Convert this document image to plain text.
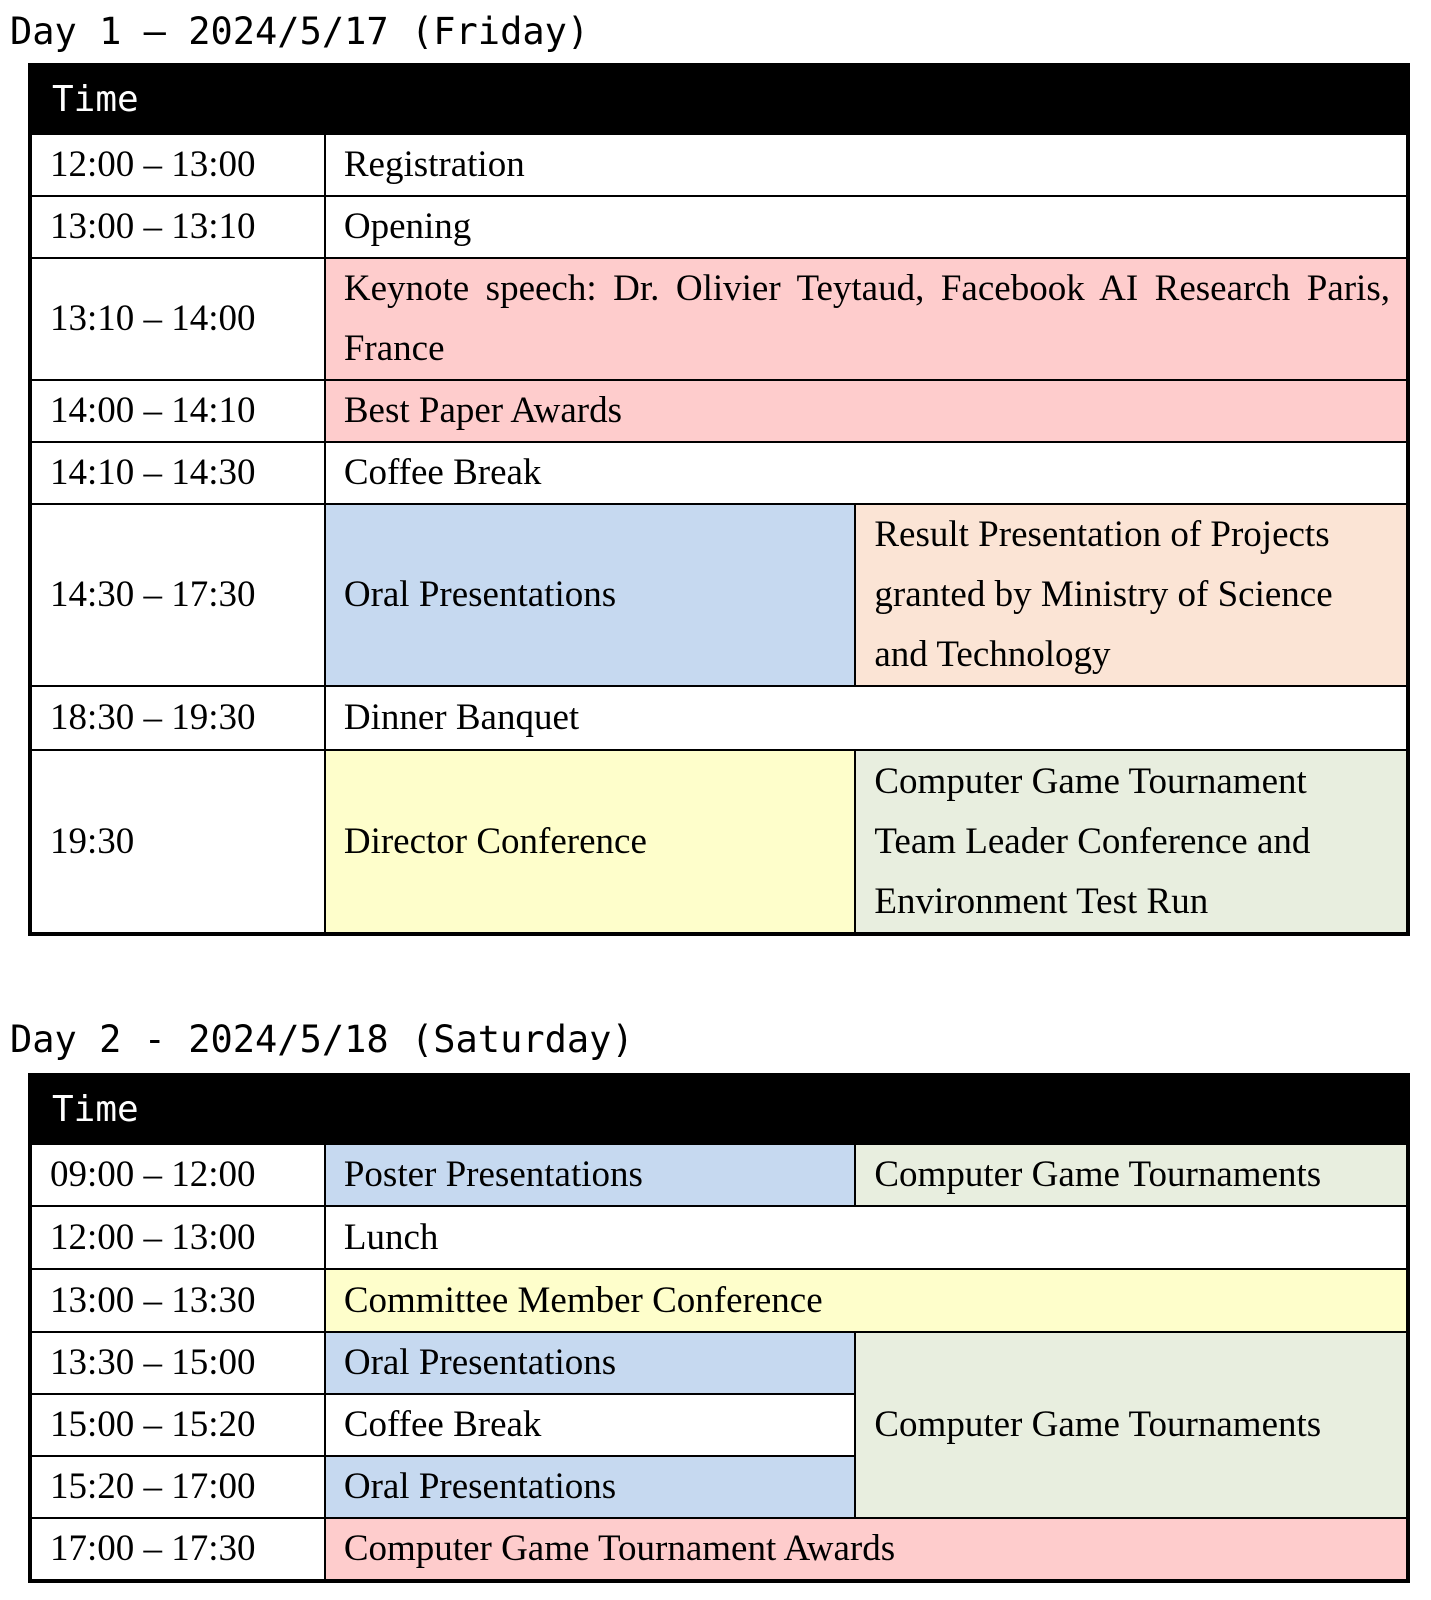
Day 1 – 2024/5/17 (Friday)
Time		
12:00 – 13:00	Registration	
13:00 – 13:10	Opening	
13:10 – 14:00	Keynote speech: Dr. Olivier Teytaud, Facebook AI Research Paris, France	
14:00 – 14:10	Best Paper Awards	
14:10 – 14:30	Coffee Break	
14:30 – 17:30	Oral Presentations	Result Presentation of Projects granted by Ministry of Science and Technology
18:30 – 19:30	Dinner Banquet	
19:30	Director Conference	Computer Game Tournament Team Leader Conference and Environment Test Run
Day 2 - 2024/5/18 (Saturday)
Time		
09:00 – 12:00	Poster Presentations	Computer Game Tournaments
12:00 – 13:00	Lunch	
13:00 – 13:30	Committee Member Conference	
13:30 – 15:00	Oral Presentations	Computer Game Tournaments
15:00 – 15:20	Coffee Break	
15:20 – 17:00	Oral Presentations	
17:00 – 17:30	Computer Game Tournament Awards	
